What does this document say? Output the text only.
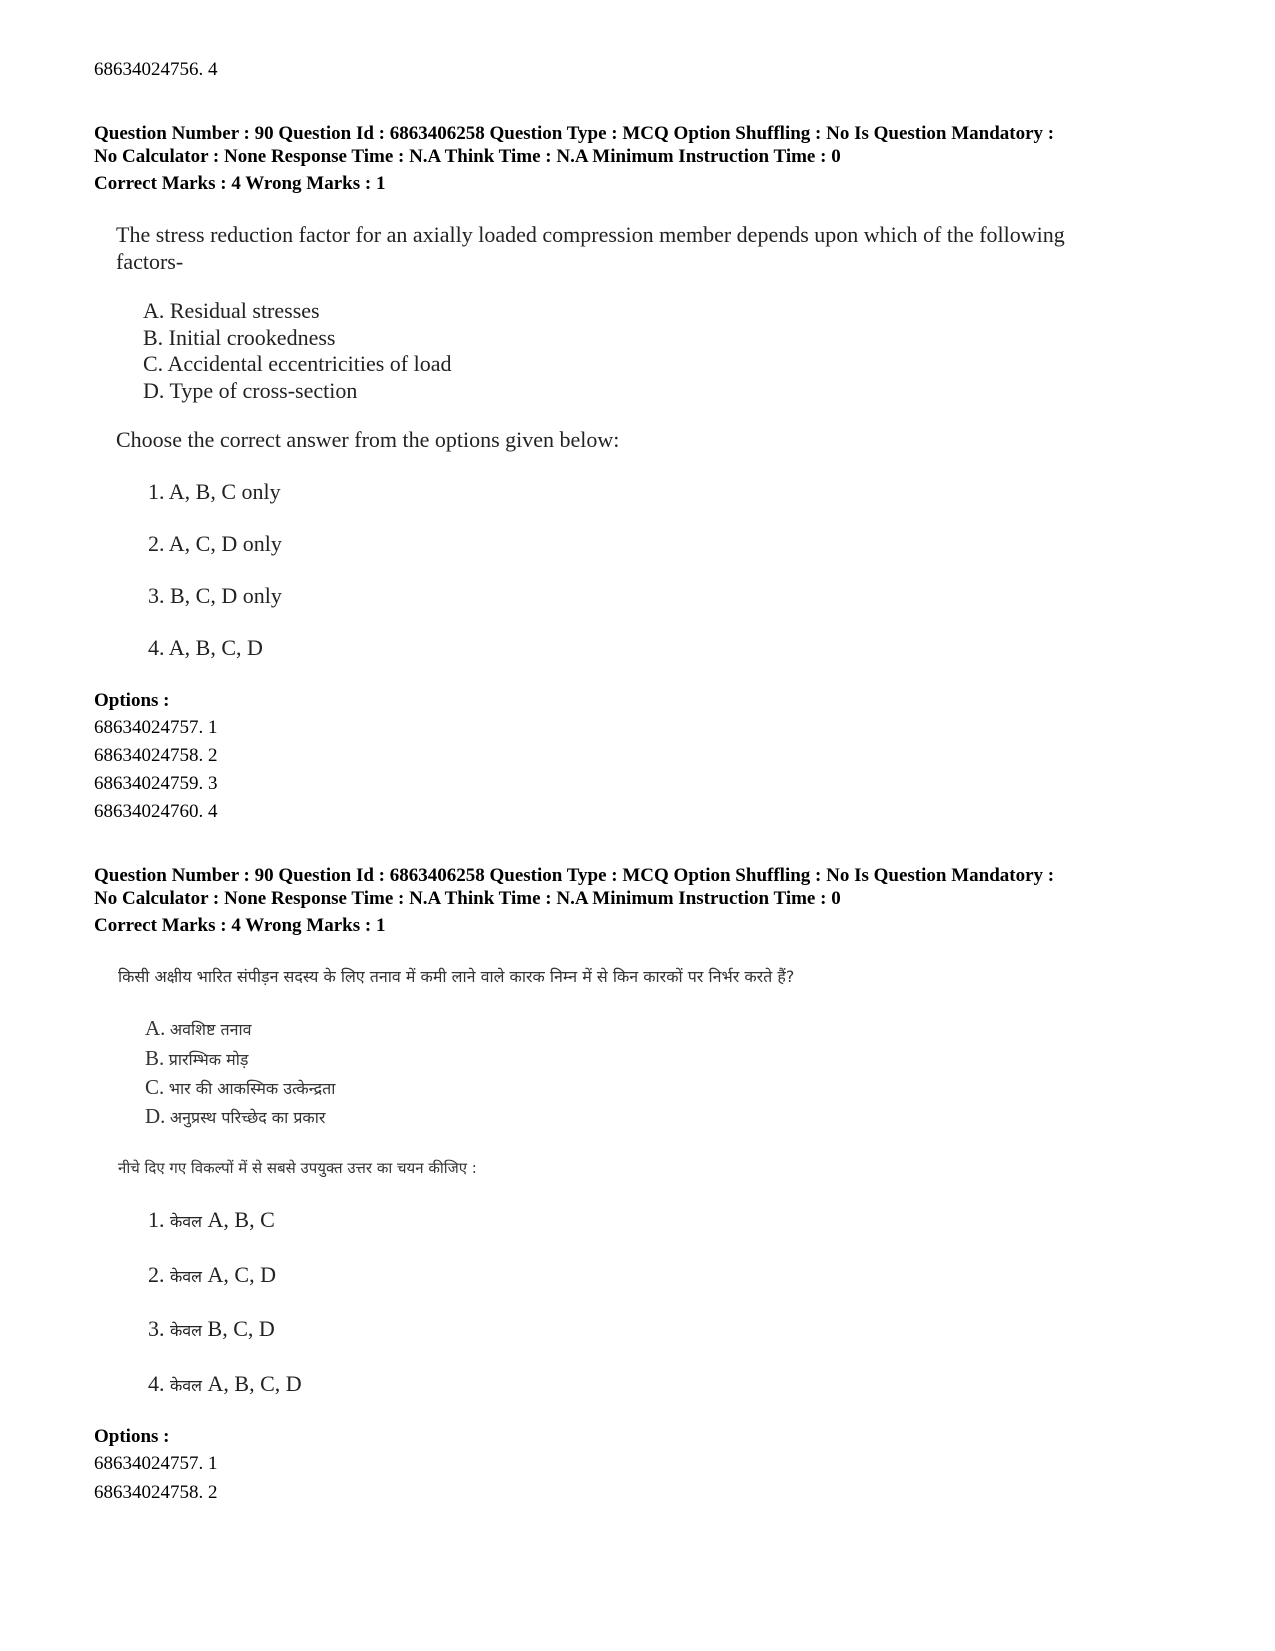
68634024756. 4
Question Number : 90 Question Id : 6863406258 Question Type : MCQ Option Shuffling : No Is Question Mandatory :
No Calculator : None Response Time : N.A Think Time : N.A Minimum Instruction Time : 0
Correct Marks : 4 Wrong Marks : 1
The stress reduction factor for an axially loaded compression member depends upon which of the following
factors-
A. Residual stresses
B. Initial crookedness
C. Accidental eccentricities of load
D. Type of cross-section
Choose the correct answer from the options given below:
1. A, B, C only
2. A, C, D only
3. B, C, D only
4. A, B, C, D
Options :
68634024757. 1
68634024758. 2
68634024759. 3
68634024760. 4
Question Number : 90 Question Id : 6863406258 Question Type : MCQ Option Shuffling : No Is Question Mandatory :
No Calculator : None Response Time : N.A Think Time : N.A Minimum Instruction Time : 0
Correct Marks : 4 Wrong Marks : 1
किसी अक्षीय भारित संपीड़न सदस्य के लिए तनाव में कमी लाने वाले कारक निम्न में से किन कारकों पर निर्भर करते हैं?
A. अवशिष्ट तनाव
B. प्रारम्भिक मोड़
C. भार की आकस्मिक उत्केन्द्रता
D. अनुप्रस्थ परिच्छेद का प्रकार
नीचे दिए गए विकल्पों में से सबसे उपयुक्त उत्तर का चयन कीजिए :
1. केवल A, B, C
2. केवल A, C, D
3. केवल B, C, D
4. केवल A, B, C, D
Options :
68634024757. 1
68634024758. 2
